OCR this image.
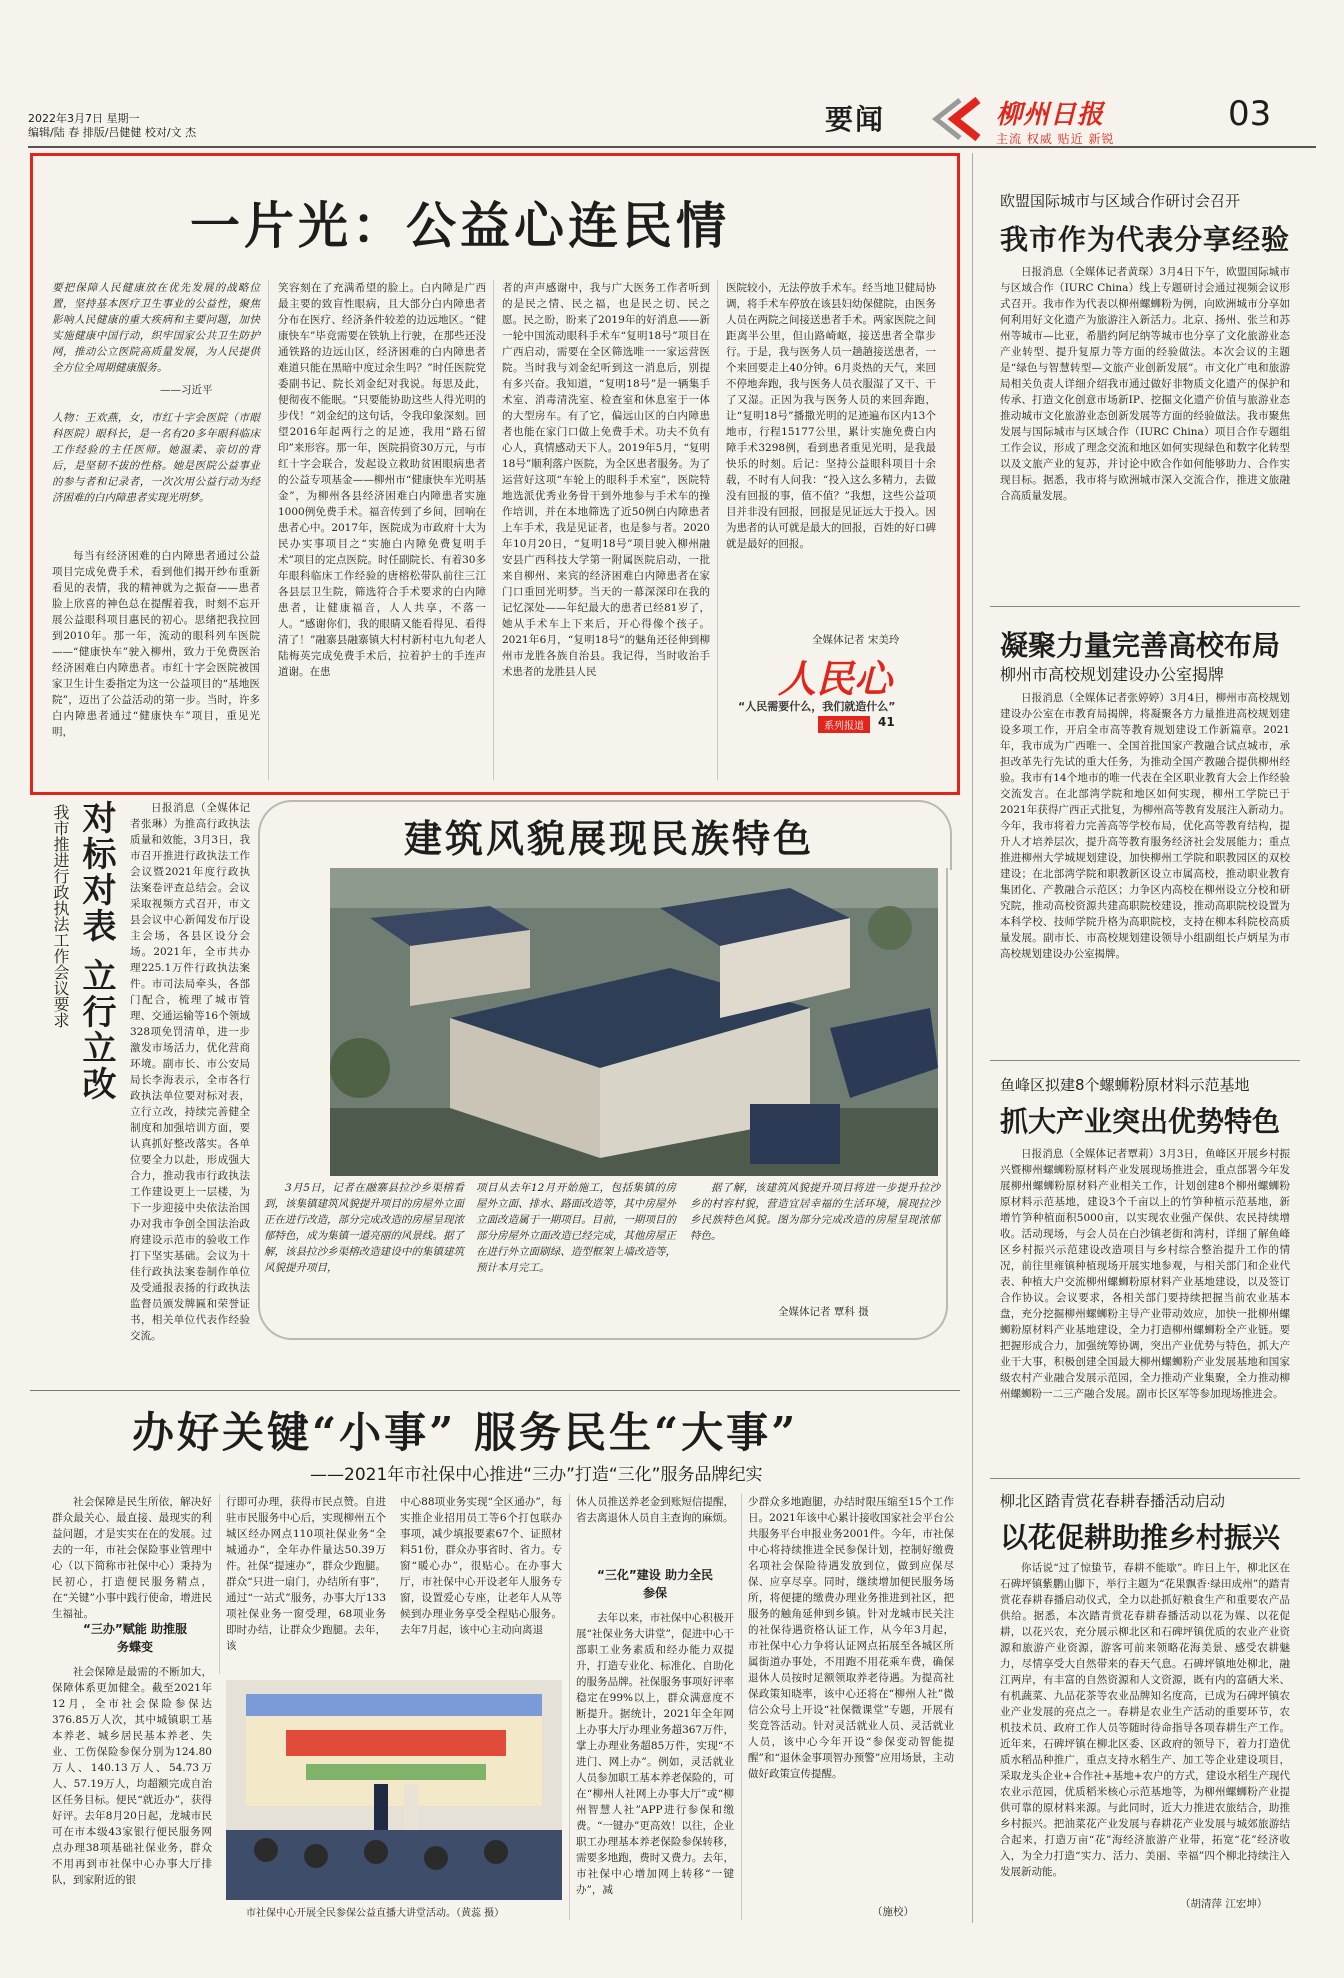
2022年3月7日 星期一
编辑/陆 春 排版/吕健健 校对/文 杰	要闻	柳州日报
主流 权威 贴近 新锐
03
一片光：公益心连民情
要把保障人民健康放在优先发展的战略位置，坚持基本医疗卫生事业的公益性，聚焦影响人民健康的重大疾病和主要问题，加快实施健康中国行动，织牢国家公共卫生防护网，推动公立医院高质量发展，为人民提供全方位全周期健康服务。
——习近平
人物：王欢燕，女，市红十字会医院（市眼科医院）眼科长，是一名有20多年眼科临床工作经验的主任医师。她温柔、亲切的背后，是坚韧不拔的性格。她是医院公益事业的参与者和记录者，一次次用公益行动为经济困难的白内障患者实现光明梦。
每当有经济困难的白内障患者通过公益项目完成免费手术，看到他们揭开纱布重新看见的表情，我的精神就为之振奋——患者脸上欣喜的神色总在提醒着我，时刻不忘开展公益眼科项目惠民的初心。思绪把我拉回到2010年。那一年，流动的眼科列车医院——“健康快车”驶入柳州，致力于免费医治经济困难白内障患者。市红十字会医院被国家卫生计生委指定为这一公益项目的“基地医院”，迈出了公益活动的第一步。当时，许多白内障患者通过“健康快车”项目，重见光明，
笑容刻在了充满希望的脸上。白内障是广西最主要的致盲性眼病，且大部分白内障患者分布在医疗、经济条件较差的边远地区。“健康快车”毕竟需要在铁轨上行驶，在那些还没通铁路的边远山区，经济困难的白内障患者难道只能在黑暗中度过余生吗？”时任医院党委副书记、院长刘金纪对我说。每思及此，便彻夜不能眠。“只要能协助这些人得光明的步伐！”刘金纪的这句话，令我印象深刻。回望2016年起两行之的足迹，我用“路石留印”来形容。那一年，医院捐资30万元，与市红十字会联合，发起设立救助贫困眼病患者的公益专项基金——柳州市“健康快车光明基金”，为柳州各县经济困难白内障患者实施1000例免费手术。福音传到了乡间，回响在患者心中。2017年，医院成为市政府十大为民办实事项目之“实施白内障免费复明手术”项目的定点医院。时任副院长、有着30多年眼科临床工作经验的唐榕松带队前往三江各县层卫生院，筛选符合手术要求的白内障患者，让健康福音，人人共享，不落一人。“感谢你们，我的眼睛又能看得见、看得清了！”融寨县融寨镇大村村新村屯九旬老人陆梅英完成免费手术后，拉着护士的手连声道谢。在患
者的声声感谢中，我与广大医务工作者听到的是民之情、民之福，也是民之切、民之愿。民之盼，盼来了2019年的好消息——新一轮中国流动眼科手术车“复明18号”项目在广西启动，需要在全区筛选唯一一家运营医院。当时我与刘金纪听到这一消息后，别提有多兴奋。我知道，“复明18号”是一辆集手术室、消毒清洗室、检查室和休息室于一体的大型房车。有了它，偏远山区的白内障患者也能在家门口做上免费手术。功夫不负有心人，真情感动天下人。2019年5月，“复明18号”顺利落户医院，为全区患者服务。为了运营好这项“车轮上的眼科手术室”，医院特地选派优秀业务骨干到外地参与手术车的操作培训，并在本地筛选了近50例白内障患者上车手术，我是见证者，也是参与者。2020年10月20日，“复明18号”项目驶入柳州融安县广西科技大学第一附属医院启动，一批来自柳州、来宾的经济困难白内障患者在家门口重回光明梦。当天的一幕深深印在我的记忆深处——年纪最大的患者已经81岁了，她从手术车上下来后，开心得像个孩子。2021年6月，“复明18号”的魅角还径伸到柳州市龙胜各族自治县。我记得，当时收治手术患者的龙胜县人民
医院较小，无法停放手术车。经当地卫健局协调，将手术车停放在该县妇幼保健院，由医务人员在两院之间接送患者手术。两家医院之间距离半公里，但山路崎岖，接送患者全靠步行。于是，我与医务人员一趟趟接送患者，一个来回要走上40分钟。6月炎热的天气，来回不停地奔跑，我与医务人员衣服湿了又干、干了又湿。正因为我与医务人员的来回奔跑，让“复明18号”播撒光明的足迹遍布区内13个地市，行程15177公里，累计实施免费白内障手术3298例，看到患者重见光明，是我最快乐的时刻。后记：坚持公益眼科项目十余载，不时有人问我：“投入这么多精力，去做没有回报的事，值不值？”我想，这些公益项目并非没有回报，回报是见证远大于投入。因为患者的认可就是最大的回报，百姓的好口碑就是最好的回报。
全媒体记者 宋美玲
人民心
“人民需要什么，我们就造什么”
系列报道	41
欧盟国际城市与区域合作研讨会召开
我市作为代表分享经验
日报消息（全媒体记者黄琛）3月4日下午，欧盟国际城市与区域合作（IURC China）线上专题研讨会通过视频会议形式召开。我市作为代表以柳州螺蛳粉为例，向欧洲城市分享如何利用好文化遗产为旅游注入新活力。北京、扬州、张兰和苏州等城市—比亚，希腊约阿尼纳等城市也分享了文化旅游业态产业转型、提升复原力等方面的经验做法。本次会议的主题是“绿色与智慧转型—文旅产业创新发展”。市文化广电和旅游局相关负责人详细介绍我市通过做好非物质文化遗产的保护和传承、打造文化创意市场新IP、挖掘文化遗产价值与旅游业态推动城市文化旅游业态创新发展等方面的经验做法。我市聚焦发展与国际城市与区域合作（IURC China）项目合作专题组工作会议，形成了理念交流和地区如何实现绿色和数字化转型以及文旅产业的复苏，并讨论中欧合作如何能够助力、合作实现目标。据悉，我市将与欧洲城市深入交流合作，推进文旅融合高质量发展。
凝聚力量完善高校布局
柳州市高校规划建设办公室揭牌
日报消息（全媒体记者张婷婷）3月4日，柳州市高校规划建设办公室在市教育局揭牌，将凝聚各方力量推进高校规划建设多项工作，开启全市高等教育规划建设工作新篇章。2021年，我市成为广西唯一、全国首批国家产教融合试点城市，承担改革先行先试的重大任务，为推动全国产教融合提供柳州经验。我市有14个地市的唯一代表在全区职业教育大会上作经验交流发言。在北部湾学院和地区如何实现，柳州工学院已于2021年获得广西正式批复，为柳州高等教育发展注入新动力。今年，我市将着力完善高等学校布局，优化高等教育结构，提升人才培养层次，提升高等教育服务经济社会发展能力；重点推进柳州大学城规划建设，加快柳州工学院和职教园区的双校建设；在北部湾学院和职教新区设立市属高校，推动职业教育集团化、产教融合示范区；力争区内高校在柳州设立分校和研究院，推动高校资源共建高职院校建设，推动高职院校设置为本科学校、技师学院升格为高职院校，支持在柳本科院校高质量发展。副市长、市高校规划建设领导小组副组长卢炳星为市高校规划建设办公室揭牌。
鱼峰区拟建8个螺蛳粉原材料示范基地
抓大产业突出优势特色
日报消息（全媒体记者覃莉）3月3日，鱼峰区开展乡村振兴暨柳州螺蛳粉原材料产业发展现场推进会，重点部署今年发展柳州螺蛳粉原材料产业相关工作，计划创建8个柳州螺蛳粉原材料示范基地，建设3个千亩以上的竹笋种植示范基地，新增竹笋种植面积5000亩，以实现农业强产保供、农民持续增收。活动现场，与会人员在白沙镇老街和湾村，详细了解鱼峰区乡村振兴示范建设改造项目与乡村综合整治提升工作的情况，前往里雍镇种植现场开展实地参观，与相关部门和企业代表、种植大户交流柳州螺蛳粉原材料产业基地建设，以及签订合作协议。会议要求，各相关部门要持续把握当前农业基本盘，充分挖掘柳州螺蛳粉主导产业带动效应，加快一批柳州螺蛳粉原材料产业基地建设，全力打造柳州螺蛳粉全产业链。要把握形成合力，加强统筹协调，突出产业优势与特色，抓大产业干大事，积极创建全国最大柳州螺蛳粉产业发展基地和国家级农村产业融合发展示范园，全力推动产业集聚，全力推动柳州螺蛳粉一二三产融合发展。副市长区军等参加现场推进会。
柳北区踏青赏花春耕春播活动启动
以花促耕助推乡村振兴
你话说“过了惊蛰节，春耕不能歇”。昨日上午，柳北区在石碑坪镇紫鹏山脚下，举行主题为“花果飘香·绿田成州”的踏青赏花春耕春播启动仪式，全力以赴抓好粮食生产和重要农产品供给。据悉，本次踏青赏花春耕春播活动以花为媒、以花促耕，以花兴农，充分展示柳北区和石碑坪镇优质的农业产业资源和旅游产业资源，游客可前来领略花海美景、感受农耕魅力，尽情享受大自然带来的春天气息。石碑坪镇地处柳北，融江两岸，有丰富的自然资源和人文资源，既有内的富硒大米、有机蔬菜、九品花茶等农业品牌知名度高，已成为石碑坪镇农业产业发展的亮点之一。春耕是农业生产活动的重要环节，农机技术员、政府工作人员等随时待命指导各项春耕生产工作。近年来，石碑坪镇在柳北区委、区政府的领导下，着力打造优质水稻品种推广，重点支持水稻生产、加工等企业建设项目，采取龙头企业+合作社+基地+农户的方式，建设水稻生产现代农业示范园，优质稻米核心示范基地等，为柳州螺蛳粉产业提供可靠的原材料来源。与此同时，近大力推进农旅结合，助推乡村振兴。把油菜花产业发展与春耕花产业发展与城郊旅游结合起来，打造万亩“花”海经济旅游产业带，拓宽“花”经济收入，为全力打造“实力、活力、美丽、幸福”四个柳北持续注入发展新动能。
（胡清萍 江宏坤）
对标对表 立行立改
我市推进行政执法工作会议要求	日报消息（全媒体记者张琳）为推高行政执法质量和效能，3月3日，我市召开推进行政执法工作会议暨2021年度行政执法案卷评查总结会。会议采取视频方式召开，市文县会议中心新闻发布厅设主会场，各县区设分会场。2021年，全市共办理225.1万件行政执法案件。市司法局牵头，各部门配合，梳理了城市管理、交通运输等16个领域328项免罚清单，进一步激发市场活力，优化营商环境。副市长、市公安局局长李海表示，全市各行政执法单位要对标对表，立行立改，持续完善健全制度和加强培训方面，要认真抓好整改落实。各单位要全力以赴，形成强大合力，推动我市行政执法工作建设更上一层楼，为下一步迎接中央依法治国办对我市争创全国法治政府建设示范市的验收工作打下坚实基础。会议为十佳行政执法案卷制作单位及受通报表扬的行政执法监督员颁发牌匾和荣誉证书，相关单位代表作经验交流。
建筑风貌展现民族特色
3月5日，记者在融寨县拉沙乡渠榕看到，该集镇建筑风貌提升项目的房屋外立面正在进行改造，部分完成改造的房屋呈现浓郁特色，成为集镇一道亮丽的风景线。据了解，该县拉沙乡渠榕改造建设中的集镇建筑风貌提升项目，
项目从去年12月开始施工，包括集镇的房屋外立面、排水、路面改造等，其中房屋外立面改造属于一期项目。目前，一期项目的部分房屋外立面改造已经完成，其他房屋正在进行外立面刷绿、造型框架上墙改造等，预计本月完工。
据了解，该建筑风貌提升项目将进一步提升拉沙乡的村容村貌，营造宜居幸福的生活环境，展现拉沙乡民族特色风貌。图为部分完成改造的房屋呈现浓郁特色。
全媒体记者 覃科 摄
办好关键“小事” 服务民生“大事”
——2021年市社保中心推进“三办”打造“三化”服务品牌纪实
社会保障是民生所依，解决好群众最关心、最直接、最现实的利益问题，才是实实在在的发展。过去的一年，市社会保险事业管理中心（以下简称市社保中心）秉持为民初心，打造便民服务精点，在“关键”小事中践行使命，增进民生福祉。
“三办”赋能 助推服务蝶变
社会保障是最需的不断加大，保障体系更加健全。截至2021年12月，全市社会保险参保达376.85万人次，其中城镇职工基本养老、城乡居民基本养老、失业、工伤保险参保分别为124.80万人、140.13万人、54.73万人、57.19万人，均超额完成自治区任务目标。便民“就近办”，获得好评。去年8月20日起，龙城市民可在市本级43家银行便民服务网点办理38项基础社保业务，群众不用再到市社保中心办事大厅排队，到家附近的银
行即可办理，获得市民点赞。自进驻市民服务中心后，实现柳州五个城区经办网点110项社保业务“全城通办”，全年办件量达50.39万件。社保“提速办”，群众少跑腿。群众“只进一扇门，办结所有事”，通过“一站式”服务，办事大厅133项社保业务一窗受理，68项业务即时办结，让群众少跑腿。去年，该
中心88项业务实现“全区通办”，每实推企业招用员工等6个打包联办事项，减少填报要素67个、证照材料51份，群众办事省时、省力。专窗“暖心办”，很贴心。在办事大厅，市社保中心开设老年人服务专窗，设置爱心专座，让老年人从等候到办理业务享受全程贴心服务。去年7月起，该中心主动向离退
市社保中心开展全民参保公益直播大讲堂活动。（黄蕊 摄）
休人员推送养老金到账短信提醒，省去离退休人员自主查询的麻烦。
“三化”建设 助力全民参保
去年以来，市社保中心积极开展“社保业务大讲堂”，促进中心干部职工业务素质和经办能力双提升，打造专业化、标准化、自助化的服务品牌。社保服务事项好评率稳定在99%以上，群众满意度不断提升。据统计，2021年全年网上办事大厅办理业务超367万件，掌上办理业务超85万件，实现“不进门、网上办”。例如，灵活就业人员参加职工基本养老保险的，可在“柳州人社网上办事大厅”或“柳州智慧人社”APP进行参保和缴费。“一键办”更高效！以往，企业职工办理基本养老保险参保转移，需要多地跑，费时又费力。去年，市社保中心增加网上转移“一键办”，减
少群众多地跑腿，办结时限压缩至15个工作日。2021年该中心累计接收国家社会平台公共服务平台申报业务2001件。今年，市社保中心将持续推进全民参保计划，控制好缴费名项社会保险待遇发放到位，做到应保尽保、应享尽享。同时，继续增加便民服务场所，将便捷的缴费办理业务推进到社区，把服务的触角延伸到乡镇。针对龙城市民关注的社保待遇资格认证工作，从今年3月起，市社保中心力争将认证网点拓展至各城区所属街道办事处，不用跑不用花乘车费，确保退休人员按时足额领取养老待遇。为提高社保政策知晓率，该中心还将在“柳州人社”微信公众号上开设“社保微课堂”专题，开展有奖竞答活动。针对灵活就业人员、灵活就业人员，该中心今年开设“参保变动智能提醒”和“退休金事项智办预警”应用场景，主动做好政策宣传提醒。
（施校）
